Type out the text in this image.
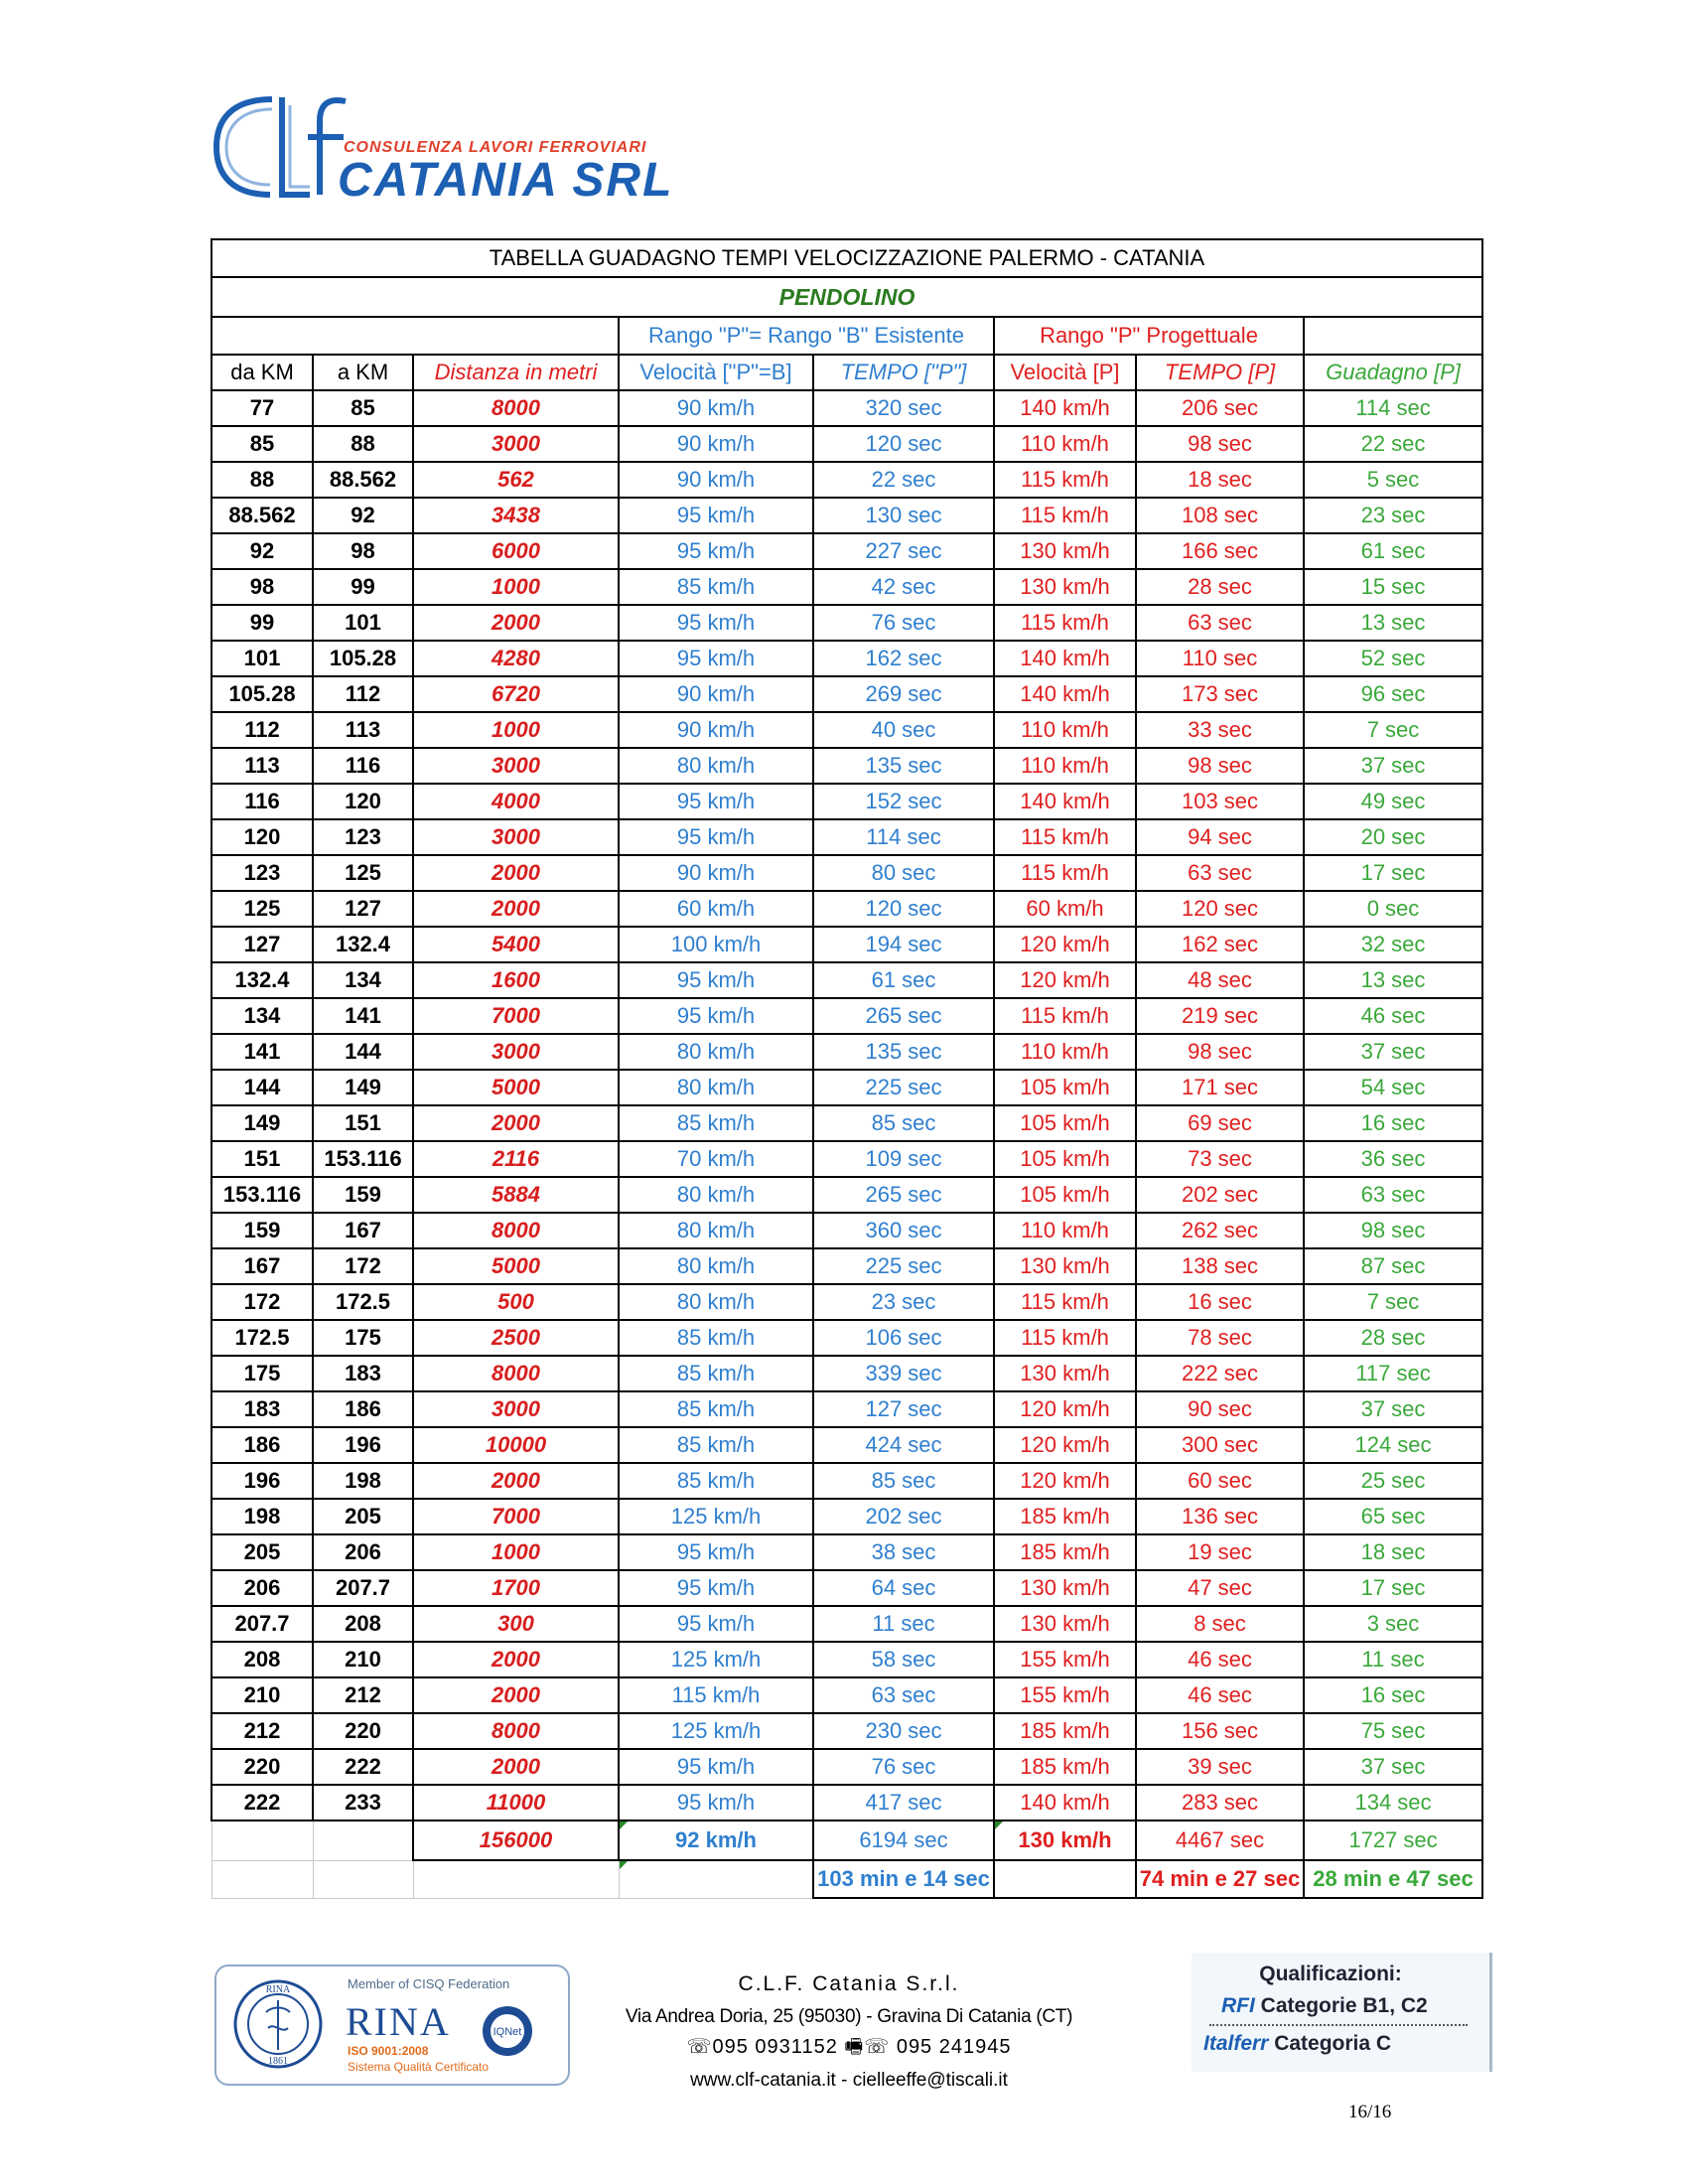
CONSULENZA LAVORI FERROVIARI
CATANIA SRL
TABELLA GUADAGNO TEMPI VELOCIZZAZIONE PALERMO - CATANIA							
PENDOLINO							
			Rango "P"= Rango "B" Esistente		Rango "P" Progettuale		
da KM	a KM	Distanza in metri	Velocità ["P"=B]	TEMPO ["P"]	Velocità [P]	TEMPO [P]	Guadagno [P]
77	85	8000	90 km/h	320 sec	140 km/h	206 sec	114 sec
85	88	3000	90 km/h	120 sec	110 km/h	98 sec	22 sec
88	88.562	562	90 km/h	22 sec	115 km/h	18 sec	5 sec
88.562	92	3438	95 km/h	130 sec	115 km/h	108 sec	23 sec
92	98	6000	95 km/h	227 sec	130 km/h	166 sec	61 sec
98	99	1000	85 km/h	42 sec	130 km/h	28 sec	15 sec
99	101	2000	95 km/h	76 sec	115 km/h	63 sec	13 sec
101	105.28	4280	95 km/h	162 sec	140 km/h	110 sec	52 sec
105.28	112	6720	90 km/h	269 sec	140 km/h	173 sec	96 sec
112	113	1000	90 km/h	40 sec	110 km/h	33 sec	7 sec
113	116	3000	80 km/h	135 sec	110 km/h	98 sec	37 sec
116	120	4000	95 km/h	152 sec	140 km/h	103 sec	49 sec
120	123	3000	95 km/h	114 sec	115 km/h	94 sec	20 sec
123	125	2000	90 km/h	80 sec	115 km/h	63 sec	17 sec
125	127	2000	60 km/h	120 sec	60 km/h	120 sec	0 sec
127	132.4	5400	100 km/h	194 sec	120 km/h	162 sec	32 sec
132.4	134	1600	95 km/h	61 sec	120 km/h	48 sec	13 sec
134	141	7000	95 km/h	265 sec	115 km/h	219 sec	46 sec
141	144	3000	80 km/h	135 sec	110 km/h	98 sec	37 sec
144	149	5000	80 km/h	225 sec	105 km/h	171 sec	54 sec
149	151	2000	85 km/h	85 sec	105 km/h	69 sec	16 sec
151	153.116	2116	70 km/h	109 sec	105 km/h	73 sec	36 sec
153.116	159	5884	80 km/h	265 sec	105 km/h	202 sec	63 sec
159	167	8000	80 km/h	360 sec	110 km/h	262 sec	98 sec
167	172	5000	80 km/h	225 sec	130 km/h	138 sec	87 sec
172	172.5	500	80 km/h	23 sec	115 km/h	16 sec	7 sec
172.5	175	2500	85 km/h	106 sec	115 km/h	78 sec	28 sec
175	183	8000	85 km/h	339 sec	130 km/h	222 sec	117 sec
183	186	3000	85 km/h	127 sec	120 km/h	90 sec	37 sec
186	196	10000	85 km/h	424 sec	120 km/h	300 sec	124 sec
196	198	2000	85 km/h	85 sec	120 km/h	60 sec	25 sec
198	205	7000	125 km/h	202 sec	185 km/h	136 sec	65 sec
205	206	1000	95 km/h	38 sec	185 km/h	19 sec	18 sec
206	207.7	1700	95 km/h	64 sec	130 km/h	47 sec	17 sec
207.7	208	300	95 km/h	11 sec	130 km/h	8 sec	3 sec
208	210	2000	125 km/h	58 sec	155 km/h	46 sec	11 sec
210	212	2000	115 km/h	63 sec	155 km/h	46 sec	16 sec
212	220	8000	125 km/h	230 sec	185 km/h	156 sec	75 sec
220	222	2000	95 km/h	76 sec	185 km/h	39 sec	37 sec
222	233	11000	95 km/h	417 sec	140 km/h	283 sec	134 sec
		156000	92 km/h	6194 sec	130 km/h	4467 sec	1727 sec
				103 min e 14 sec		74 min e 27 sec	28 min e 47 sec
RINA
1861
Member of CISQ Federation
RINA
ISO 9001:2008
Sistema Qualità Certificato
IQNet
C.L.F. Catania S.r.l.
Via Andrea Doria, 25 (95030) - Gravina Di Catania (CT)
☏095 0931152 🖷☏ 095 241945
www.clf-catania.it - cielleeffe@tiscali.it
Qualificazioni:
RFI Categorie B1, C2
Italferr Categoria C
16/16
